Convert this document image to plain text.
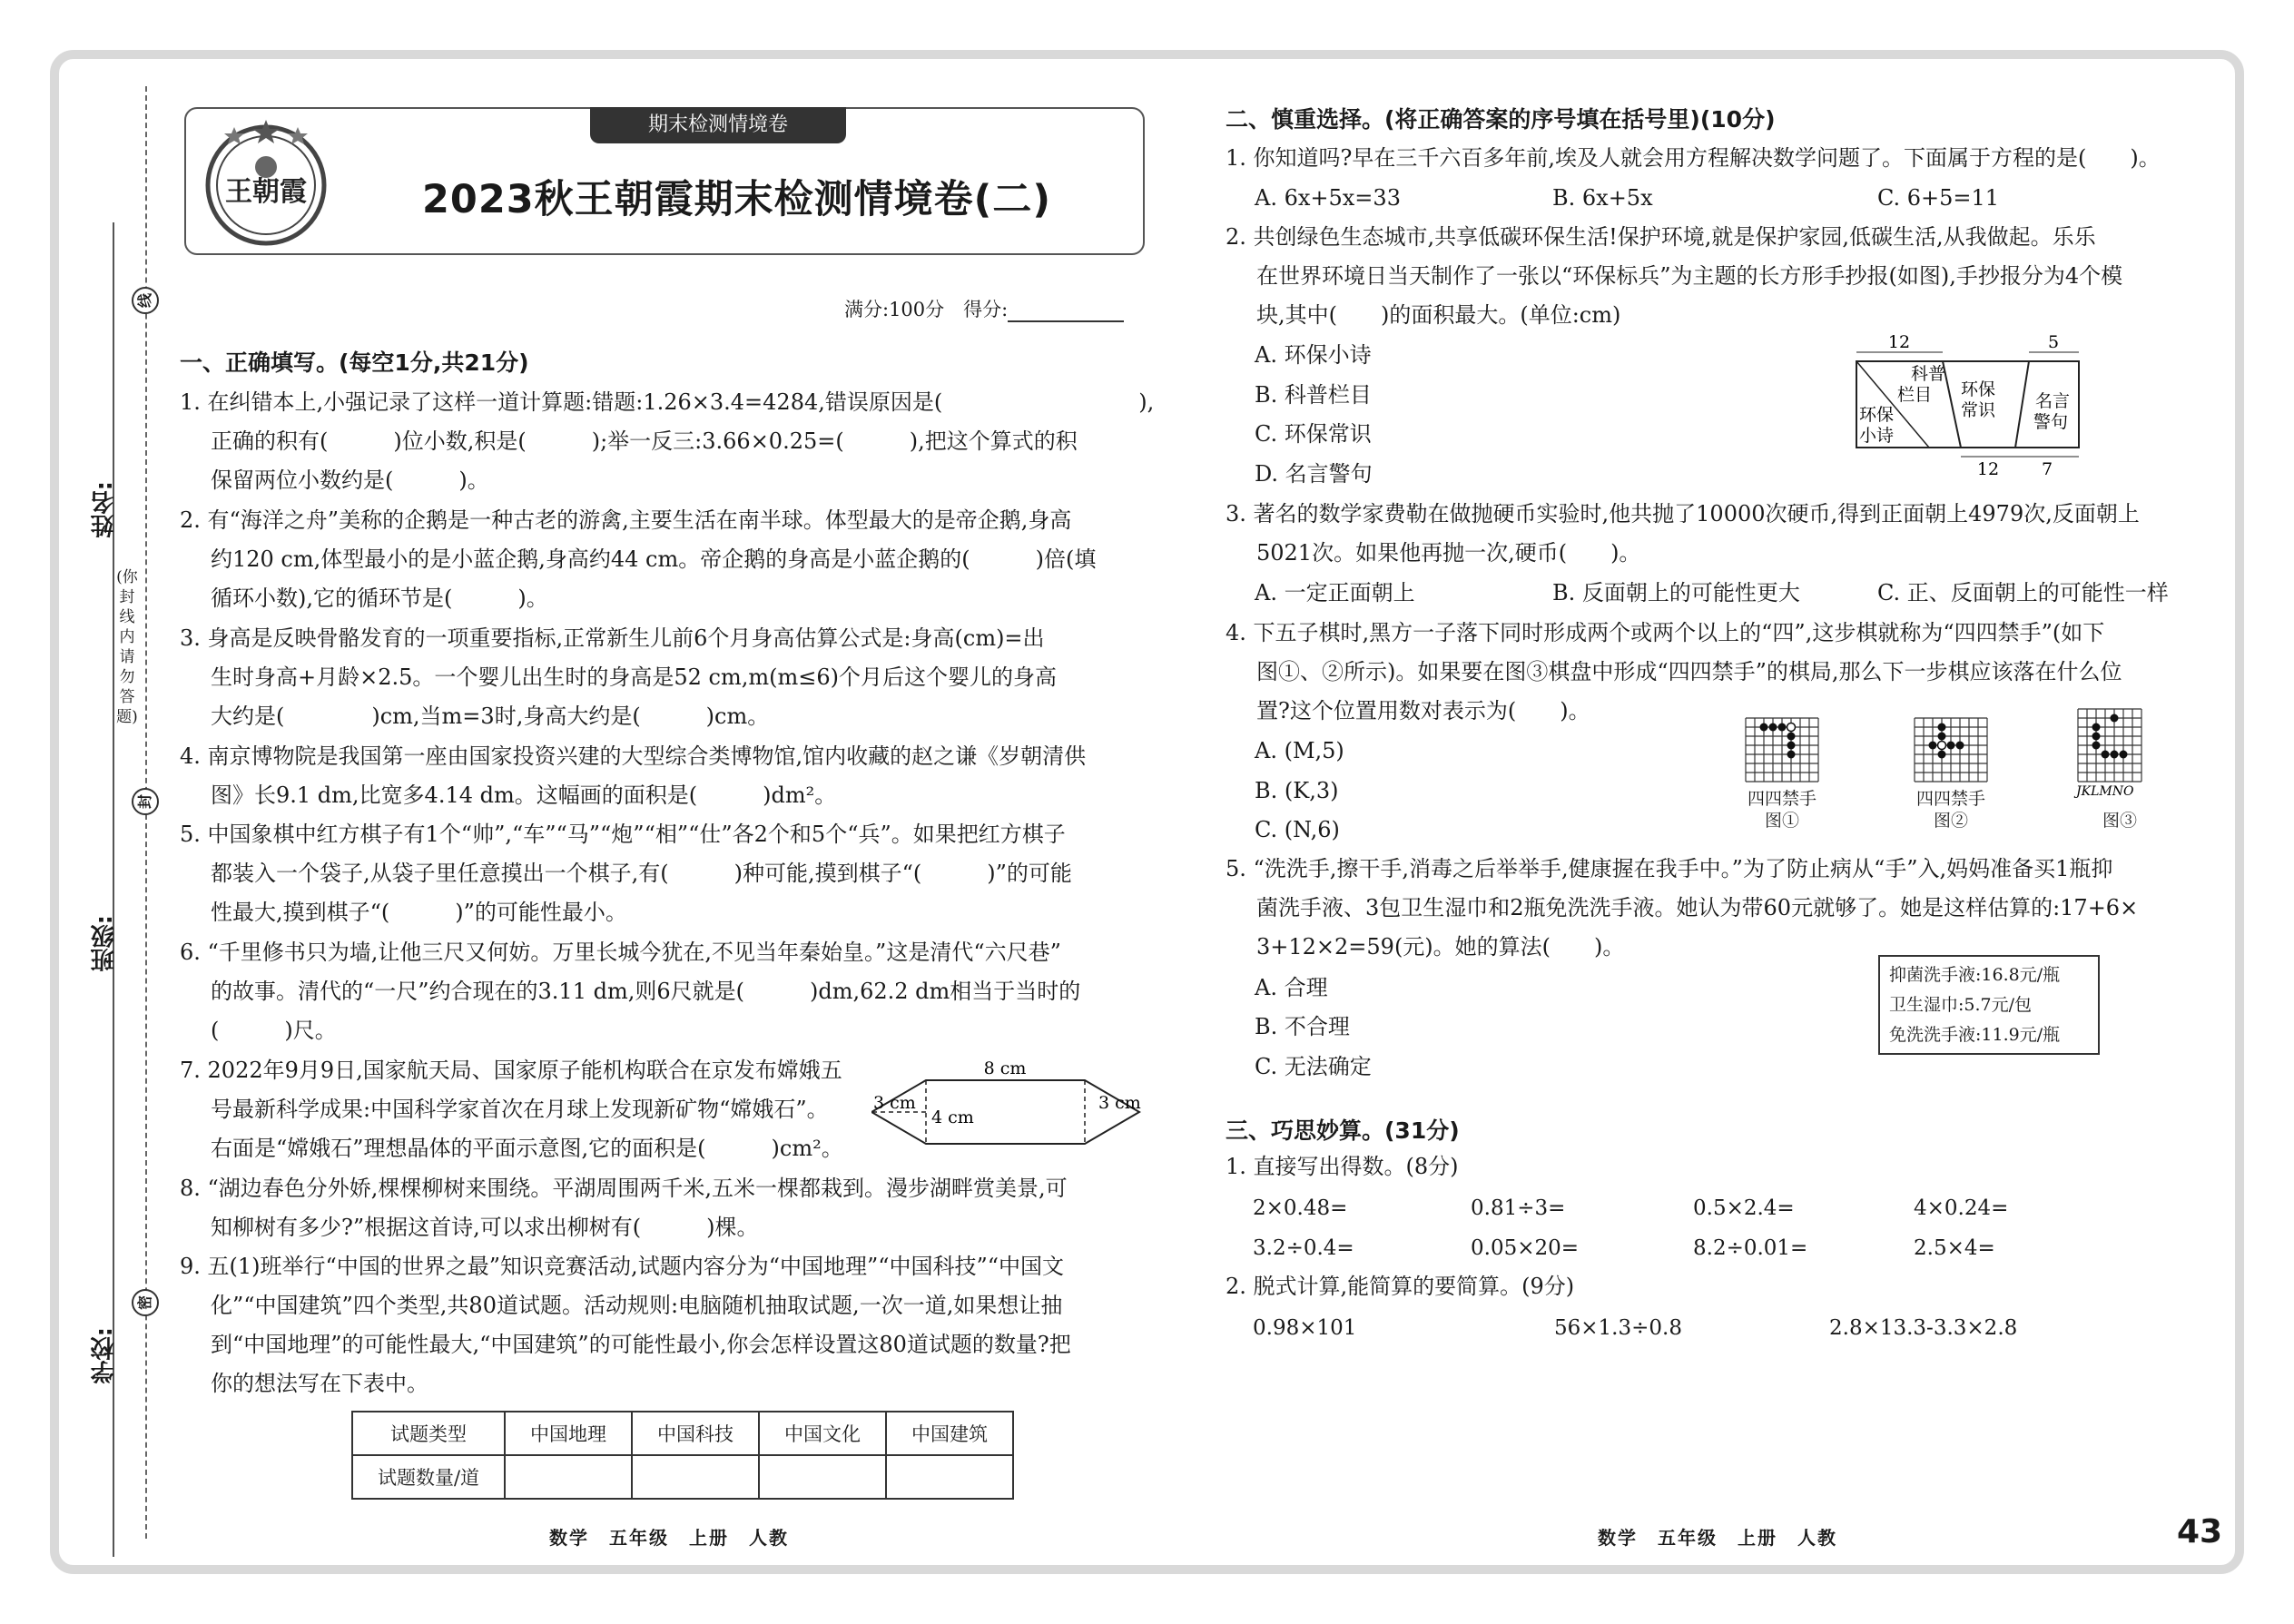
线
封
密
姓名:
班级:
学校:
(你封线内请勿答题)
期末检测情境卷
王朝霞	2023秋王朝霞期末检测情境卷(二)
满分:100分　得分:
一、正确填写。(每空1分,共21分)
1. 在纠错本上,小强记录了这样一道计算题:错题:1.26×3.4=4284,错误原因是(　　　　　　　　　),
正确的积有(　　　)位小数,积是(　　　);举一反三:3.66×0.25=(　　　),把这个算式的积
保留两位小数约是(　　　)。
2. 有“海洋之舟”美称的企鹅是一种古老的游禽,主要生活在南半球。体型最大的是帝企鹅,身高
约120 cm,体型最小的是小蓝企鹅,身高约44 cm。帝企鹅的身高是小蓝企鹅的(　　　)倍(填
循环小数),它的循环节是(　　　)。
3. 身高是反映骨骼发育的一项重要指标,正常新生儿前6个月身高估算公式是:身高(cm)=出
生时身高+月龄×2.5。一个婴儿出生时的身高是52 cm,m(m≤6)个月后这个婴儿的身高
大约是(　　　　)cm,当m=3时,身高大约是(　　　)cm。
4. 南京博物院是我国第一座由国家投资兴建的大型综合类博物馆,馆内收藏的赵之谦《岁朝清供
图》长9.1 dm,比宽多4.14 dm。这幅画的面积是(　　　)dm²。
5. 中国象棋中红方棋子有1个“帅”,“车”“马”“炮”“相”“仕”各2个和5个“兵”。如果把红方棋子
都装入一个袋子,从袋子里任意摸出一个棋子,有(　　　)种可能,摸到棋子“(　　　)”的可能
性最大,摸到棋子“(　　　)”的可能性最小。
6. “千里修书只为墙,让他三尺又何妨。万里长城今犹在,不见当年秦始皇。”这是清代“六尺巷”
的故事。清代的“一尺”约合现在的3.11 dm,则6尺就是(　　　)dm,62.2 dm相当于当时的
(　　　)尺。
7. 2022年9月9日,国家航天局、国家原子能机构联合在京发布嫦娥五
号最新科学成果:中国科学家首次在月球上发现新矿物“嫦娥石”。
右面是“嫦娥石”理想晶体的平面示意图,它的面积是(　　　)cm²。
8 cm
3 cm	3 cm
4 cm
8. “湖边春色分外娇,棵棵柳树来围绕。平湖周围两千米,五米一棵都栽到。漫步湖畔赏美景,可
知柳树有多少?”根据这首诗,可以求出柳树有(　　　)棵。
9. 五(1)班举行“中国的世界之最”知识竞赛活动,试题内容分为“中国地理”“中国科技”“中国文
化”“中国建筑”四个类型,共80道试题。活动规则:电脑随机抽取试题,一次一道,如果想让抽
到“中国地理”的可能性最大,“中国建筑”的可能性最小,你会怎样设置这80道试题的数量?把
你的想法写在下表中。
试题类型	中国地理	中国科技	中国文化	中国建筑
试题数量/道				
二、慎重选择。(将正确答案的序号填在括号里)(10分)
1. 你知道吗?早在三千六百多年前,埃及人就会用方程解决数学问题了。下面属于方程的是(　　)。
A. 6x+5x=33	B. 6x+5x	C. 6+5=11
2. 共创绿色生态城市,共享低碳环保生活!保护环境,就是保护家园,低碳生活,从我做起。乐乐
在世界环境日当天制作了一张以“环保标兵”为主题的长方形手抄报(如图),手抄报分为4个模
块,其中(　　)的面积最大。(单位:cm)
A. 环保小诗
B. 科普栏目
C. 环保常识
D. 名言警句
12	5
12 7
科普
栏目 环保
常识 名言
警句
环保
小诗
3. 著名的数学家费勒在做抛硬币实验时,他共抛了10000次硬币,得到正面朝上4979次,反面朝上
5021次。如果他再抛一次,硬币(　　)。
A. 一定正面朝上	B. 反面朝上的可能性更大	C. 正、反面朝上的可能性一样
4. 下五子棋时,黑方一子落下同时形成两个或两个以上的“四”,这步棋就称为“四四禁手”(如下
图①、②所示)。如果要在图③棋盘中形成“四四禁手”的棋局,那么下一步棋应该落在什么位
置?这个位置用数对表示为(　　)。
A. (M,5)
B. (K,3)
C. (N,6)
四四禁手
图①
四四禁手
图②
JKLMNO
图③
5. “洗洗手,擦干手,消毒之后举举手,健康握在我手中。”为了防止病从“手”入,妈妈准备买1瓶抑
菌洗手液、3包卫生湿巾和2瓶免洗洗手液。她认为带60元就够了。她是这样估算的:17+6×
3+12×2=59(元)。她的算法(　　)。
A. 合理
B. 不合理
C. 无法确定
抑菌洗手液:16.8元/瓶
卫生湿巾:5.7元/包
免洗洗手液:11.9元/瓶
三、巧思妙算。(31分)
1. 直接写出得数。(8分)
2×0.48=	0.81÷3=	0.5×2.4=	4×0.24=
3.2÷0.4=	0.05×20=	8.2÷0.01=	2.5×4=
2. 脱式计算,能简算的要简算。(9分)
0.98×101	56×1.3÷0.8	2.8×13.3-3.3×2.8
数学　五年级　上册　人教	数学　五年级　上册　人教	43
